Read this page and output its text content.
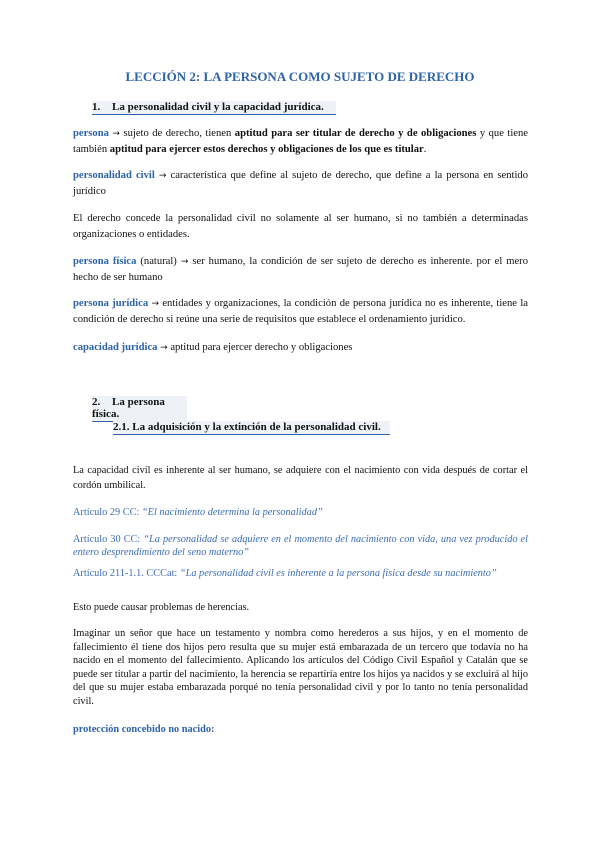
LECCIÓN 2: LA PERSONA COMO SUJETO DE DERECHO
1. La personalidad civil y la capacidad jurídica.
persona → sujeto de derecho, tienen aptitud para ser titular de derecho y de obligaciones y que tiene también aptitud para ejercer estos derechos y obligaciones de los que es titular.
personalidad civil → característica que define al sujeto de derecho, que define a la persona en sentido jurídico
El derecho concede la personalidad civil no solamente al ser humano, si no también a determinadas organizaciones o entidades.
persona física (natural) → ser humano, la condición de ser sujeto de derecho es inherente. por el mero hecho de ser humano
persona jurídica → entidades y organizaciones, la condición de persona jurídica no es inherente, tiene la condición de derecho si reúne una serie de requisitos que establece el ordenamiento jurídico.
capacidad jurídica → aptitud para ejercer derecho y obligaciones
2. La persona física.
2.1. La adquisición y la extinción de la personalidad civil.
La capacidad civil es inherente al ser humano, se adquiere con el nacimiento con vida después de cortar el cordón umbilical.
Artículo 29 CC: “El nacimiento determina la personalidad”
Artículo 30 CC: “La personalidad se adquiere en el momento del nacimiento con vida, una vez producido el entero desprendimiento del seno materno”
Artículo 211-1.1. CCCat: “La personalidad civil es inherente a la persona física desde su nacimiento”
Esto puede causar problemas de herencias.
Imaginar un señor que hace un testamento y nombra como herederos a sus hijos, y en el momento de fallecimiento él tiene dos hijos pero resulta que su mujer está embarazada de un tercero que todavía no ha nacido en el momento del fallecimiento. Aplicando los artículos del Código Civil Español y Catalán que se puede ser titular a partir del nacimiento, la herencia se repartiría entre los hijos ya nacidos y se excluirá al hijo del que su mujer estaba embarazada porqué no tenía personalidad civil y por lo tanto no tenía personalidad civil.
protección concebido no nacido:
